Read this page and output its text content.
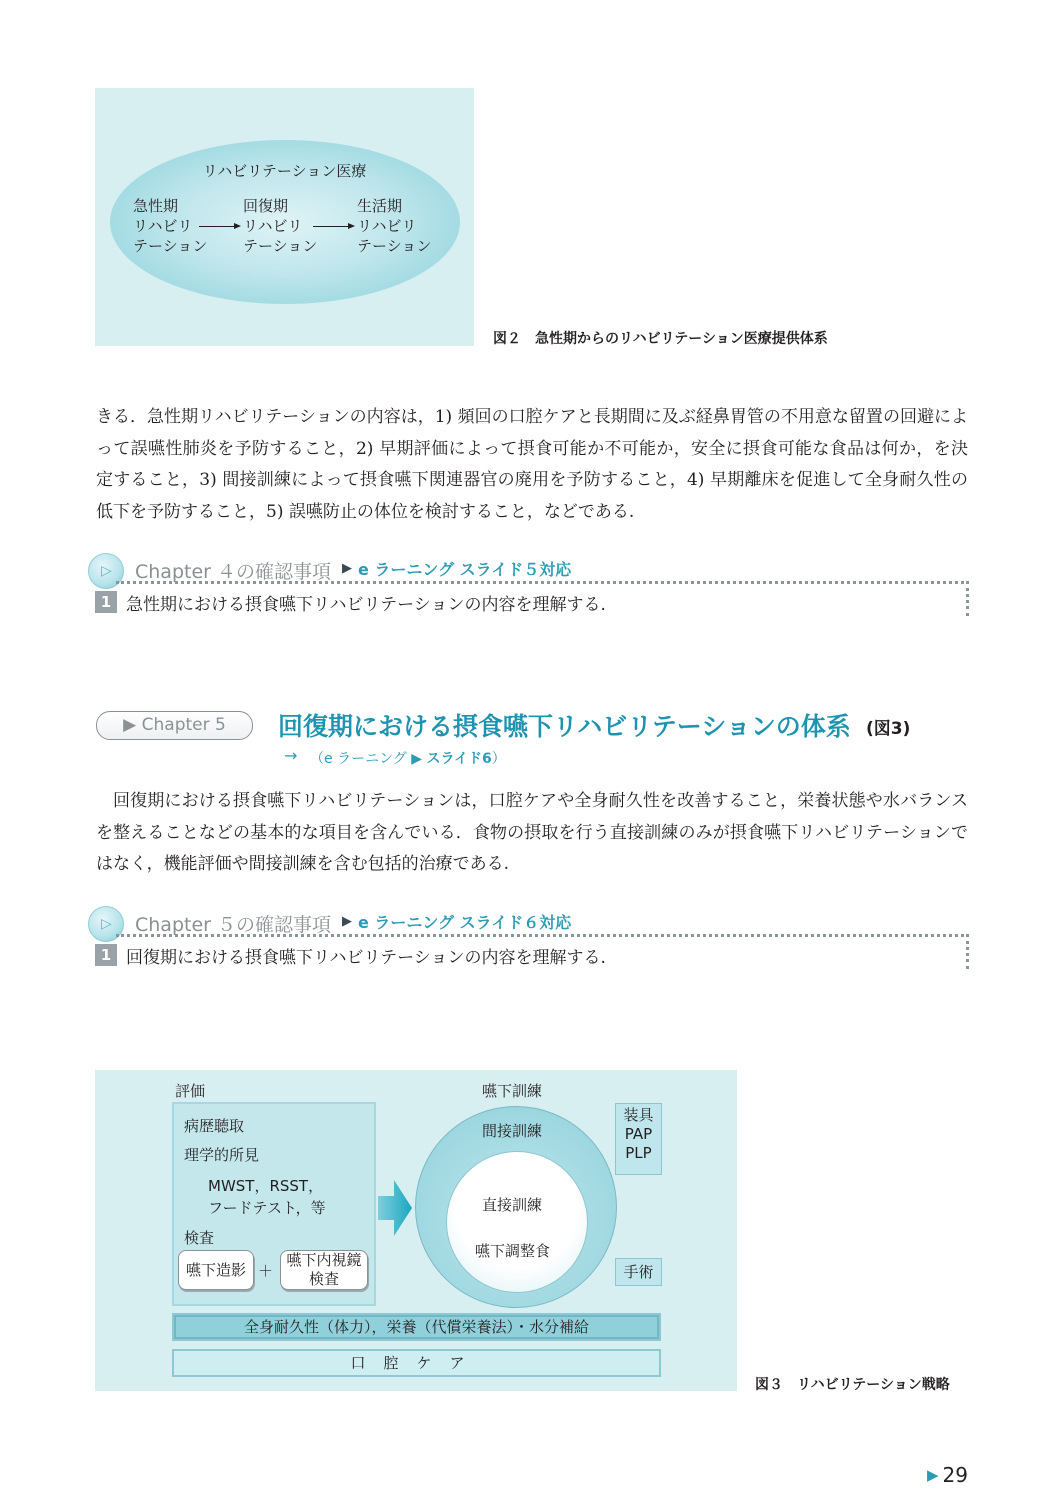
リハビリテーション医療
急性期
リハビリ
テーション
回復期
リハビリ
テーション
生活期
リハビリ
テーション
図２　急性期からのリハビリテーション医療提供体系
きる．急性期リハビリテーションの内容は，1) 頻回の口腔ケアと長期間に及ぶ経鼻胃管の不用意な留置の回避によって誤嚥性肺炎を予防すること，2) 早期評価によって摂食可能か不可能か，安全に摂食可能な食品は何か，を決定すること，3) 間接訓練によって摂食嚥下関連器官の廃用を予防すること，4) 早期離床を促進して全身耐久性の低下を予防すること，5) 誤嚥防止の体位を検討すること，などである.
▷ Chapter ４の確認事項 ▶ e ラーニング スライド５対応
1 急性期における摂食嚥下リハビリテーションの内容を理解する.
▶ Chapter 5	回復期における摂食嚥下リハビリテーションの体系 (図3)
→ （e ラーニング ▶ スライド6）
回復期における摂食嚥下リハビリテーションは，口腔ケアや全身耐久性を改善すること，栄養状態や水バランスを整えることなどの基本的な項目を含んでいる．食物の摂取を行う直接訓練のみが摂食嚥下リハビリテーションではなく，機能評価や間接訓練を含む包括的治療である.
▷ Chapter ５の確認事項 ▶ e ラーニング スライド６対応
1 回復期における摂食嚥下リハビリテーションの内容を理解する.
評価
病歴聴取
理学的所見
MWST，RSST，
フードテスト，等
検査
嚥下造影 ＋
嚥下内視鏡
検査
嚥下訓練
間接訓練
直接訓練
嚥下調整食
装具
PAP
PLP
手術
全身耐久性（体力），栄養（代償栄養法）・水分補給
口腔ケア
図３　リハビリテーション戦略
▶ 29
